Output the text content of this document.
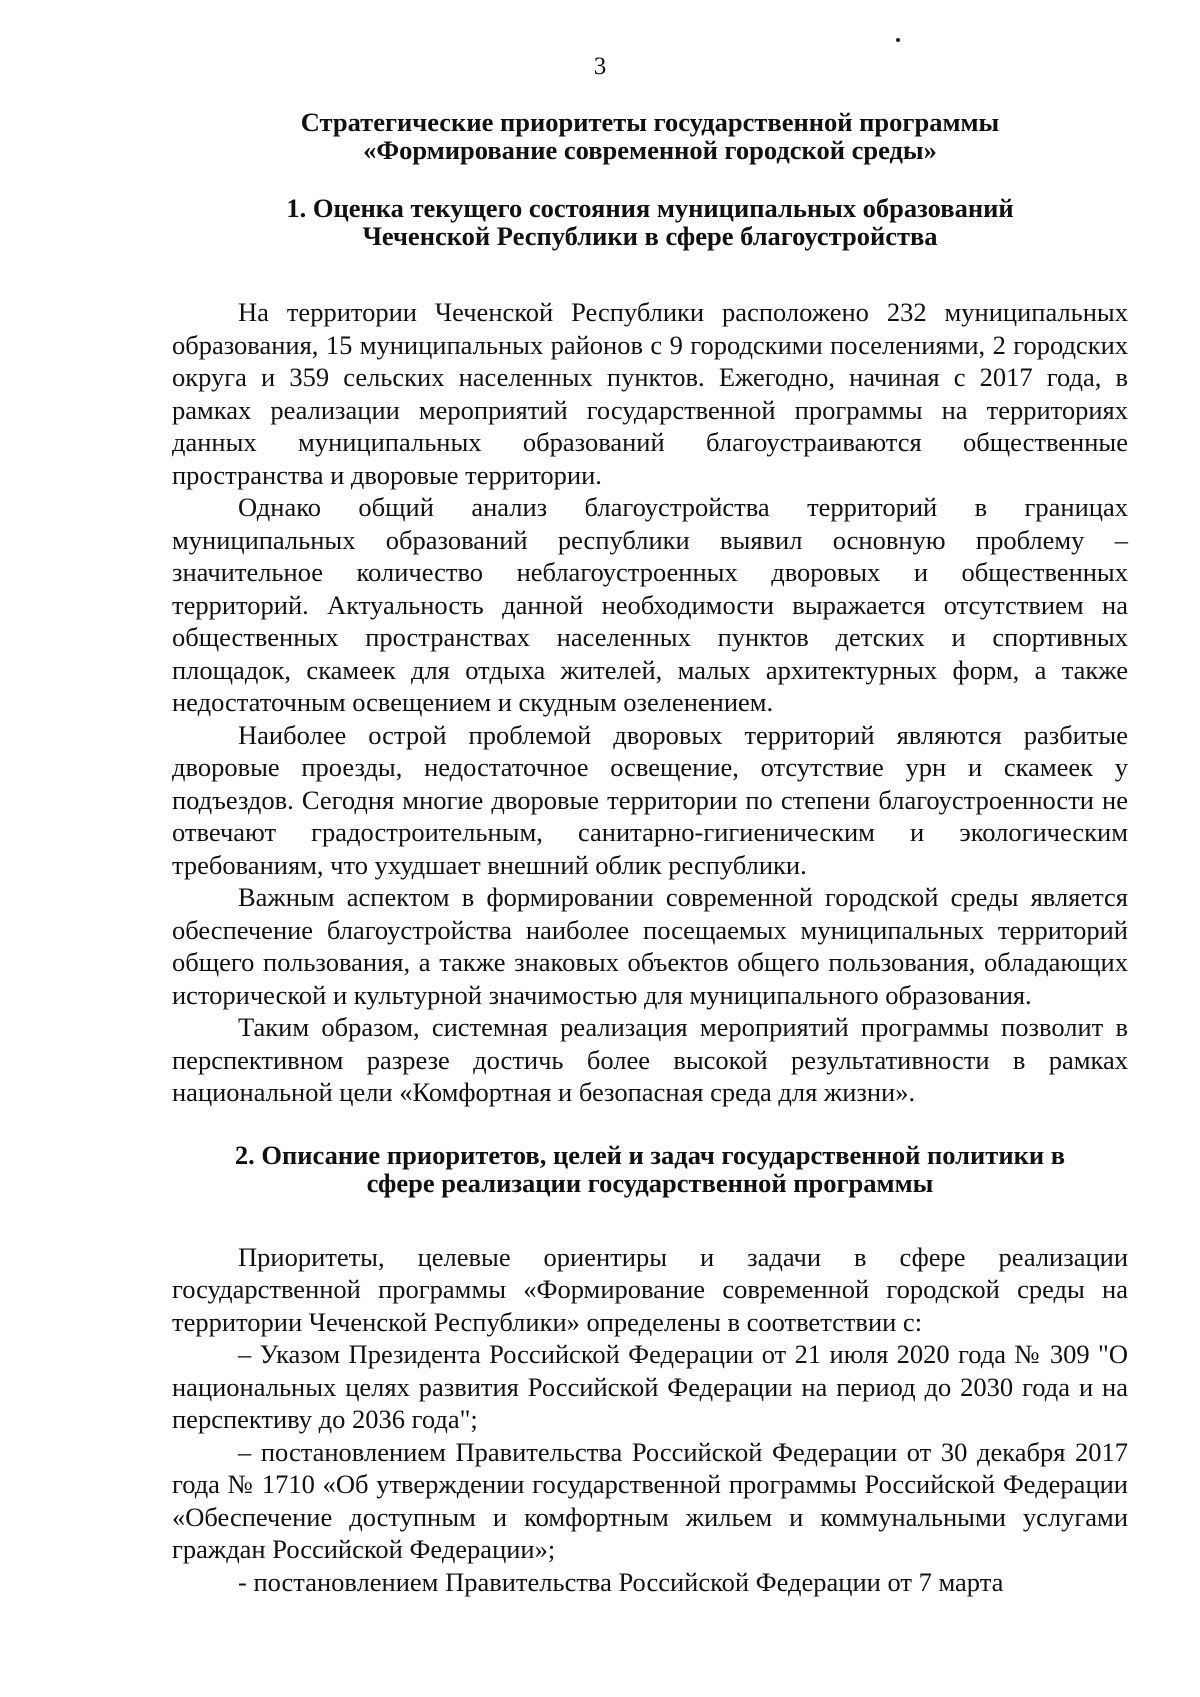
3
Стратегические приоритеты государственной программы
«Формирование современной городской среды»
1. Оценка текущего состояния муниципальных образований
Чеченской Республики в сфере благоустройства

На территории Чеченской Республики расположено 232 муниципальных образования, 15 муниципальных районов с 9 городскими поселениями, 2 городских округа и 359 сельских населенных пунктов. Ежегодно, начиная с 2017 года, в рамках реализации мероприятий государственной программы на территориях данных муниципальных образований благоустраиваются общественные пространства и дворовые территории.

Однако общий анализ благоустройства территорий в границах муниципальных образований республики выявил основную проблему – значительное количество неблагоустроенных дворовых и общественных территорий. Актуальность данной необходимости выражается отсутствием на общественных пространствах населенных пунктов детских и спортивных площадок, скамеек для отдыха жителей, малых архитектурных форм, а также недостаточным освещением и скудным озеленением.

Наиболее острой проблемой дворовых территорий являются разбитые дворовые проезды, недостаточное освещение, отсутствие урн и скамеек у подъездов. Сегодня многие дворовые территории по степени благоустроенности не отвечают градостроительным, санитарно-гигиеническим и экологическим требованиям, что ухудшает внешний облик республики.

Важным аспектом в формировании современной городской среды является обеспечение благоустройства наиболее посещаемых муниципальных территорий общего пользования, а также знаковых объектов общего пользования, обладающих исторической и культурной значимостью для муниципального образования.

Таким образом, системная реализация мероприятий программы позволит в перспективном разрезе достичь более высокой результативности в рамках национальной цели «Комфортная и безопасная среда для жизни».

2. Описание приоритетов, целей и задач государственной политики в
сфере реализации государственной программы

Приоритеты, целевые ориентиры и задачи в сфере реализации государственной программы «Формирование современной городской среды на территории Чеченской Республики» определены в соответствии с:

– Указом Президента Российской Федерации от 21 июля 2020 года № 309 "О национальных целях развития Российской Федерации на период до 2030 года и на перспективу до 2036 года";

– постановлением Правительства Российской Федерации от 30 декабря 2017 года № 1710 «Об утверждении государственной программы Российской Федерации «Обеспечение доступным и комфортным жильем и коммунальными услугами граждан Российской Федерации»;

- постановлением Правительства Российской Федерации от 7 марта
